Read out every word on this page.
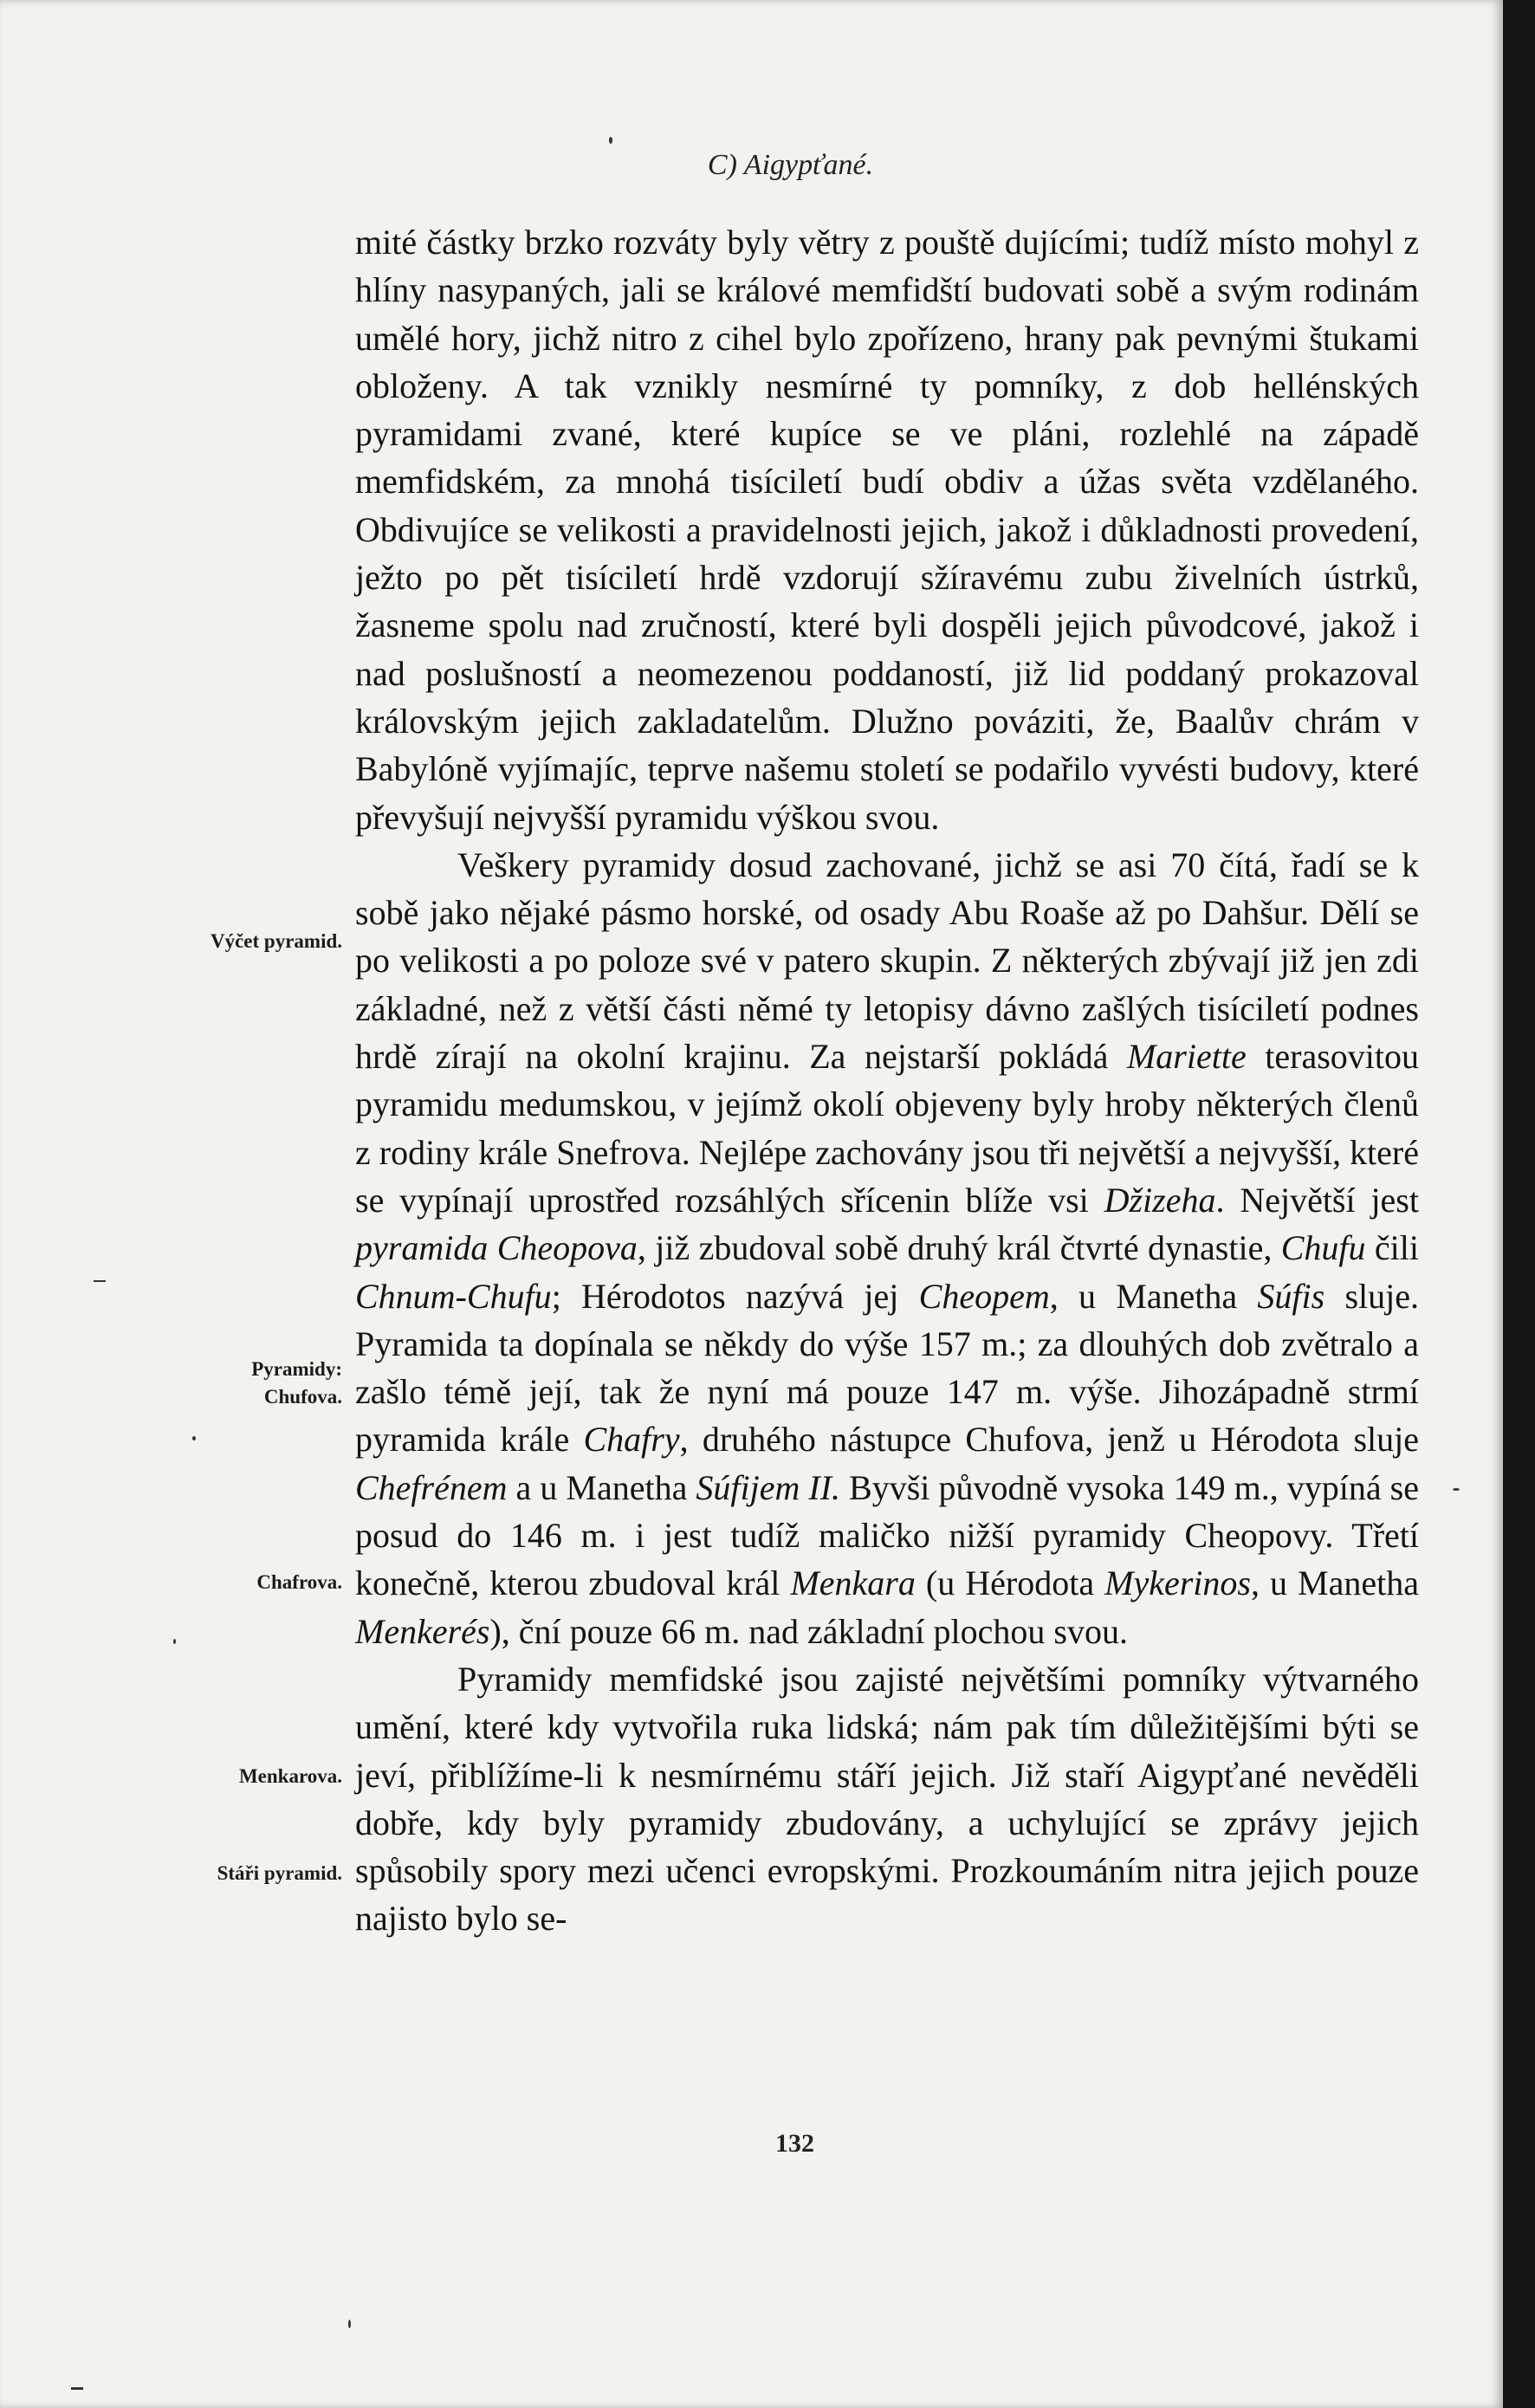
C) Aigypťané.
Výčet pyramid.
Pyramidy:
Chufova.
Chafrova.
Menkarova.
Stáři pyramid.

mité částky brzko rozváty byly větry z pouště dujícími; tudíž místo mohyl z hlíny nasypaných, jali se králové memfidští budovati sobě a svým rodinám umělé hory, jichž nitro z cihel bylo zpořízeno, hrany pak pevnými štukami obloženy. A tak vznikly nesmírné ty pomníky, z dob hellénských pyramidami zvané, které kupíce se ve pláni, rozlehlé na západě memfidském, za mnohá tisíciletí budí obdiv a úžas světa vzdělaného. Obdivujíce se velikosti a pravidelnosti jejich, jakož i důkladnosti provedení, ježto po pět tisíciletí hrdě vzdorují sžíravému zubu živelních ústrků, žasneme spolu nad zručností, které byli dospěli jejich původcové, jakož i nad poslušností a neomezenou poddaností, již lid poddaný prokazoval královským jejich zakladatelům. Dlužno pováziti, že, Baalův chrám v Babylóně vyjímajíc, teprve našemu století se podařilo vyvésti budovy, které převyšují nejvyšší pyramidu výškou svou.

Veškery pyramidy dosud zachované, jichž se asi 70 čítá, řadí se k sobě jako nějaké pásmo horské, od osady Abu Roaše až po Dahšur. Dělí se po velikosti a po poloze své v patero skupin. Z některých zbývají již jen zdi základné, než z větší části němé ty letopisy dávno zašlých tisíciletí podnes hrdě zírají na okolní krajinu. Za nejstarší pokládá Mariette terasovitou pyramidu medumskou, v jejímž okolí objeveny byly hroby některých členů z rodiny krále Snefrova. Nejlépe zachovány jsou tři největší a nejvyšší, které se vypínají uprostřed rozsáhlých sřícenin blíže vsi Džizeha. Největší jest pyramida Cheopova, již zbudoval sobě druhý král čtvrté dynastie, Chufu čili Chnum-Chufu; Hérodotos nazývá jej Cheopem, u Manetha Súfis sluje. Pyramida ta dopínala se někdy do výše 157 m.; za dlouhých dob zvětralo a zašlo témě její, tak že nyní má pouze 147 m. výše. Jihozápadně strmí pyramida krále Chafry, druhého nástupce Chufova, jenž u Hérodota sluje Chefrénem a u Manetha Súfijem II. Byvši původně vysoka 149 m., vypíná se posud do 146 m. i jest tudíž maličko nižší pyramidy Cheopovy. Třetí konečně, kterou zbudoval král Menkara (u Hérodota Mykerinos, u Manetha Menkerés), ční pouze 66 m. nad základní plochou svou.

Pyramidy memfidské jsou zajisté největšími pomníky výtvarného umění, které kdy vytvořila ruka lidská; nám pak tím důležitějšími býti se jeví, přiblížíme-li k nesmírnému stáří jejich. Již staří Aigypťané nevěděli dobře, kdy byly pyramidy zbudovány, a uchylující se zprávy jejich spůsobily spory mezi učenci evropskými. Prozkoumáním nitra jejich pouze najisto bylo se-

132
